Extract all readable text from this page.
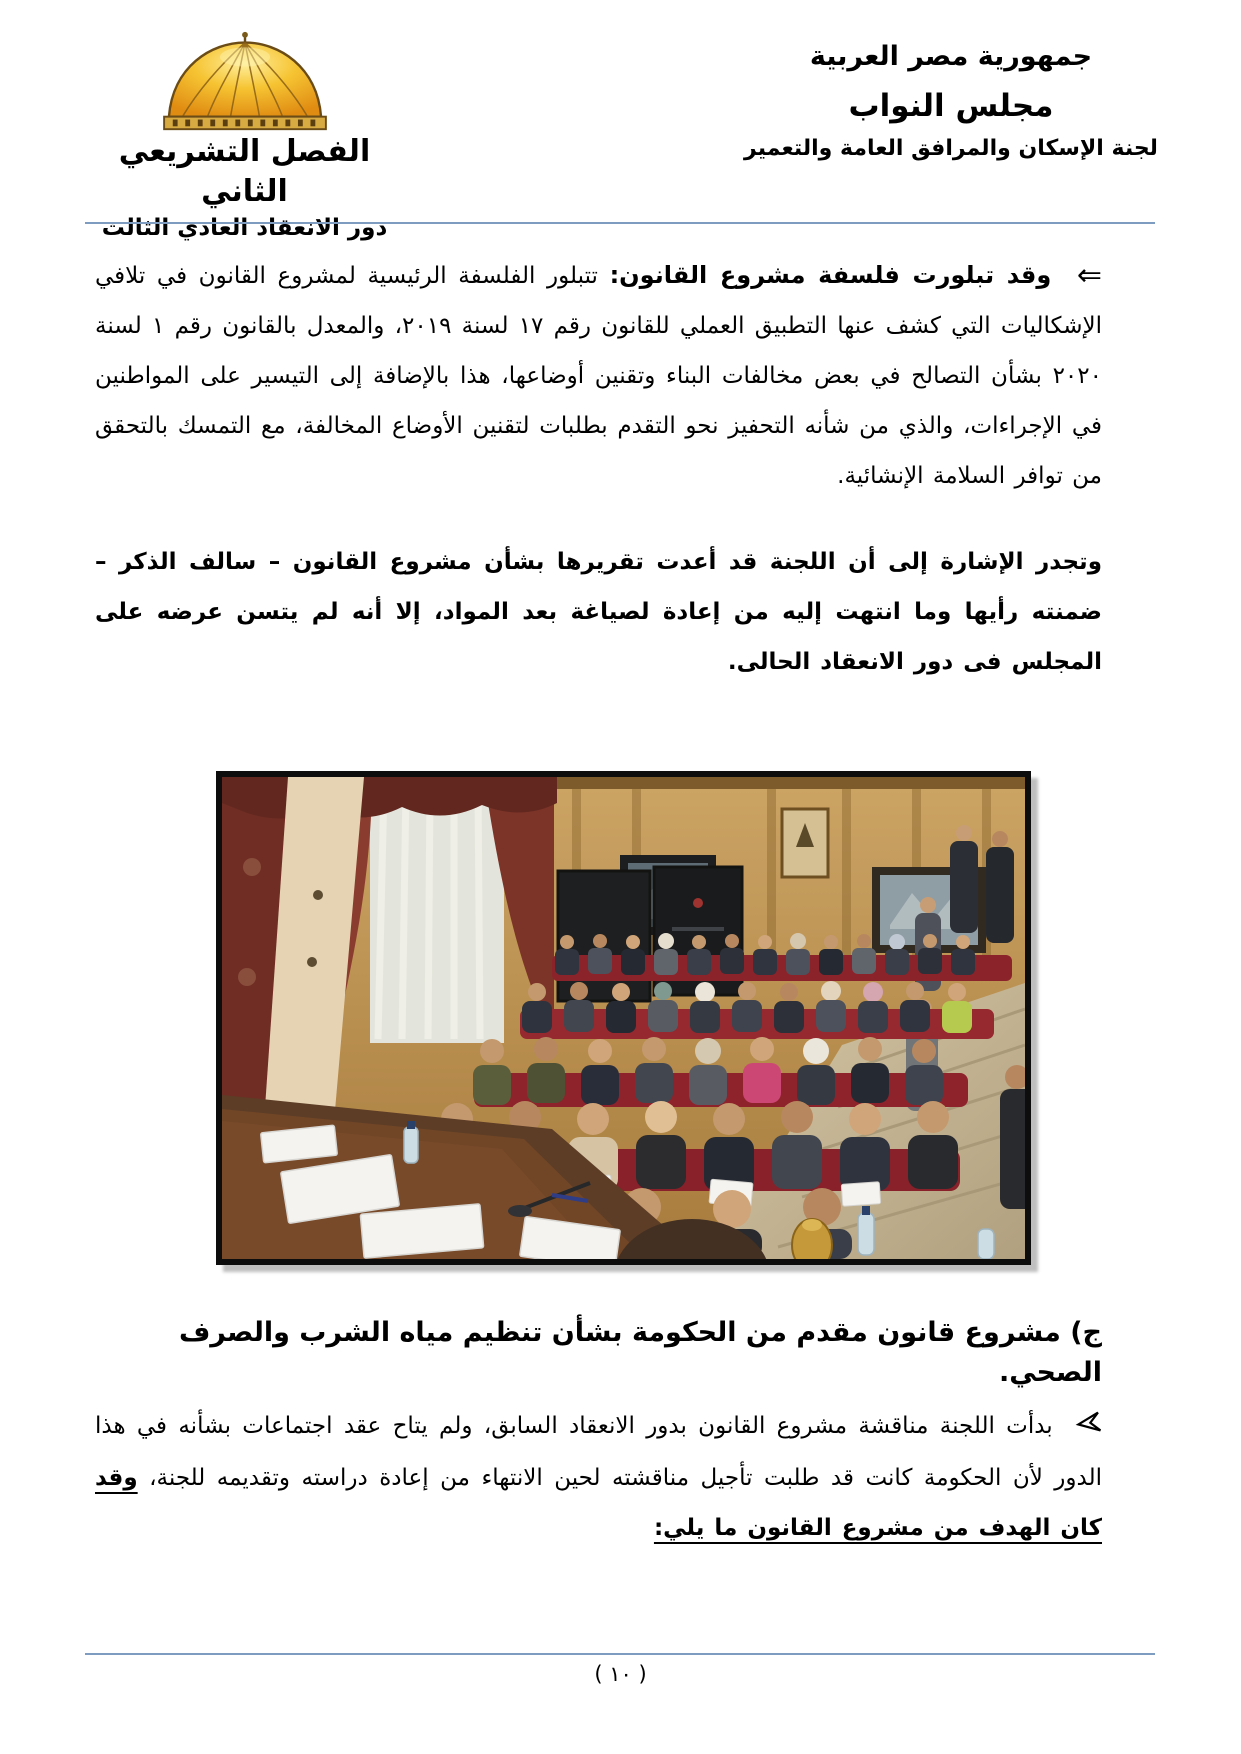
الفصل التشريعي الثاني
دور الانعقاد العادي الثالث
جمهورية مصر العربية
مجلس النواب
لجنة الإسكان والمرافق العامة والتعمير

⇐ وقد تبلورت فلسفة مشروع القانون: تتبلور الفلسفة الرئيسية لمشروع القانون في تلافي الإشكاليات التي كشف عنها التطبيق العملي للقانون رقم ١٧ لسنة ٢٠١٩، والمعدل بالقانون رقم ١ لسنة ٢٠٢٠ بشأن التصالح في بعض مخالفات البناء وتقنين أوضاعها، هذا بالإضافة إلى التيسير على المواطنين في الإجراءات، والذي من شأنه التحفيز نحو التقدم بطلبات لتقنين الأوضاع المخالفة، مع التمسك بالتحقق من توافر السلامة الإنشائية.

وتجدر الإشارة إلى أن اللجنة قد أعدت تقريرها بشأن مشروع القانون – سالف الذكر – ضمنته رأيها وما انتهت إليه من إعادة لصياغة بعد المواد، إلا أنه لم يتسن عرضه على المجلس فى دور الانعقاد الحالى.

ج) مشروع قانون مقدم من الحكومة بشأن تنظيم مياه الشرب والصرف الصحي.

بدأت اللجنة مناقشة مشروع القانون بدور الانعقاد السابق، ولم يتاح عقد اجتماعات بشأنه في هذا الدور لأن الحكومة كانت قد طلبت تأجيل مناقشته لحين الانتهاء من إعادة دراسته وتقديمه للجنة، وقد كان الهدف من مشروع القانون ما يلي:

( ١٠ )
